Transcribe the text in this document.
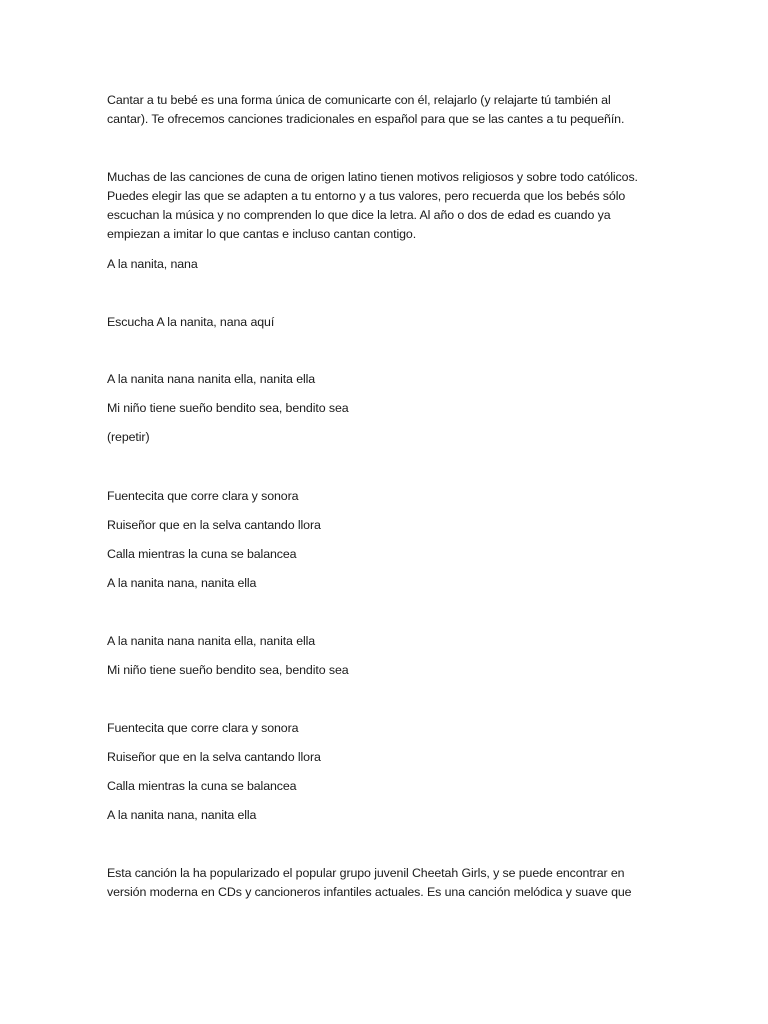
Cantar a tu bebé es una forma única de comunicarte con él, relajarlo (y relajarte tú también al
cantar). Te ofrecemos canciones tradicionales en español para que se las cantes a tu pequeñín.

Muchas de las canciones de cuna de origen latino tienen motivos religiosos y sobre todo católicos.
Puedes elegir las que se adapten a tu entorno y a tus valores, pero recuerda que los bebés sólo
escuchan la música y no comprenden lo que dice la letra. Al año o dos de edad es cuando ya
empiezan a imitar lo que cantas e incluso cantan contigo.

A la nanita, nana

Escucha A la nanita, nana aquí

A la nanita nana nanita ella, nanita ella

Mi niño tiene sueño bendito sea, bendito sea

(repetir)

Fuentecita que corre clara y sonora

Ruiseñor que en la selva cantando llora

Calla mientras la cuna se balancea

A la nanita nana, nanita ella

A la nanita nana nanita ella, nanita ella

Mi niño tiene sueño bendito sea, bendito sea

Fuentecita que corre clara y sonora

Ruiseñor que en la selva cantando llora

Calla mientras la cuna se balancea

A la nanita nana, nanita ella

Esta canción la ha popularizado el popular grupo juvenil Cheetah Girls, y se puede encontrar en
versión moderna en CDs y cancioneros infantiles actuales. Es una canción melódica y suave que
